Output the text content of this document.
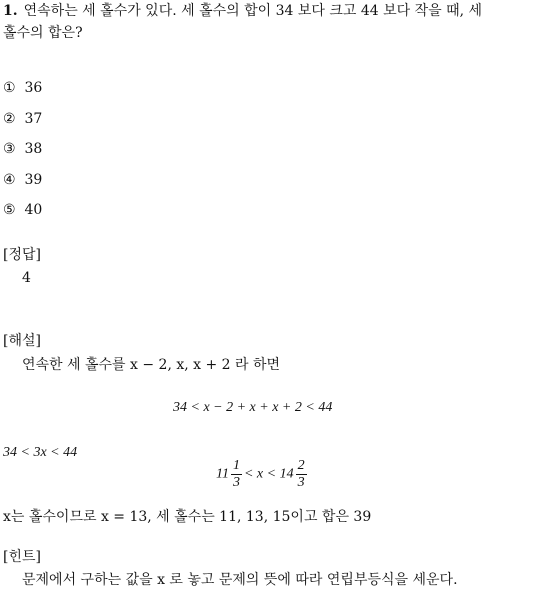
1. 연속하는 세 홀수가 있다. 세 홀수의 합이 34 보다 크고 44 보다 작을 때, 세
홀수의 합은?
① 36
② 37
③ 38
④ 39
⑤ 40
[정답]
4
[해설]
연속한 세 홀수를 x − 2, x, x + 2 라 하면
34 < x − 2 + x + x + 2 < 44
34 < 3x < 44
$11 \frac{1}{3} < x < 14 \frac{2}{3}$
x는 홀수이므로 x = 13, 세 홀수는 11, 13, 15이고 합은 39
[힌트]
문제에서 구하는 값을 x 로 놓고 문제의 뜻에 따라 연립부등식을 세운다.
